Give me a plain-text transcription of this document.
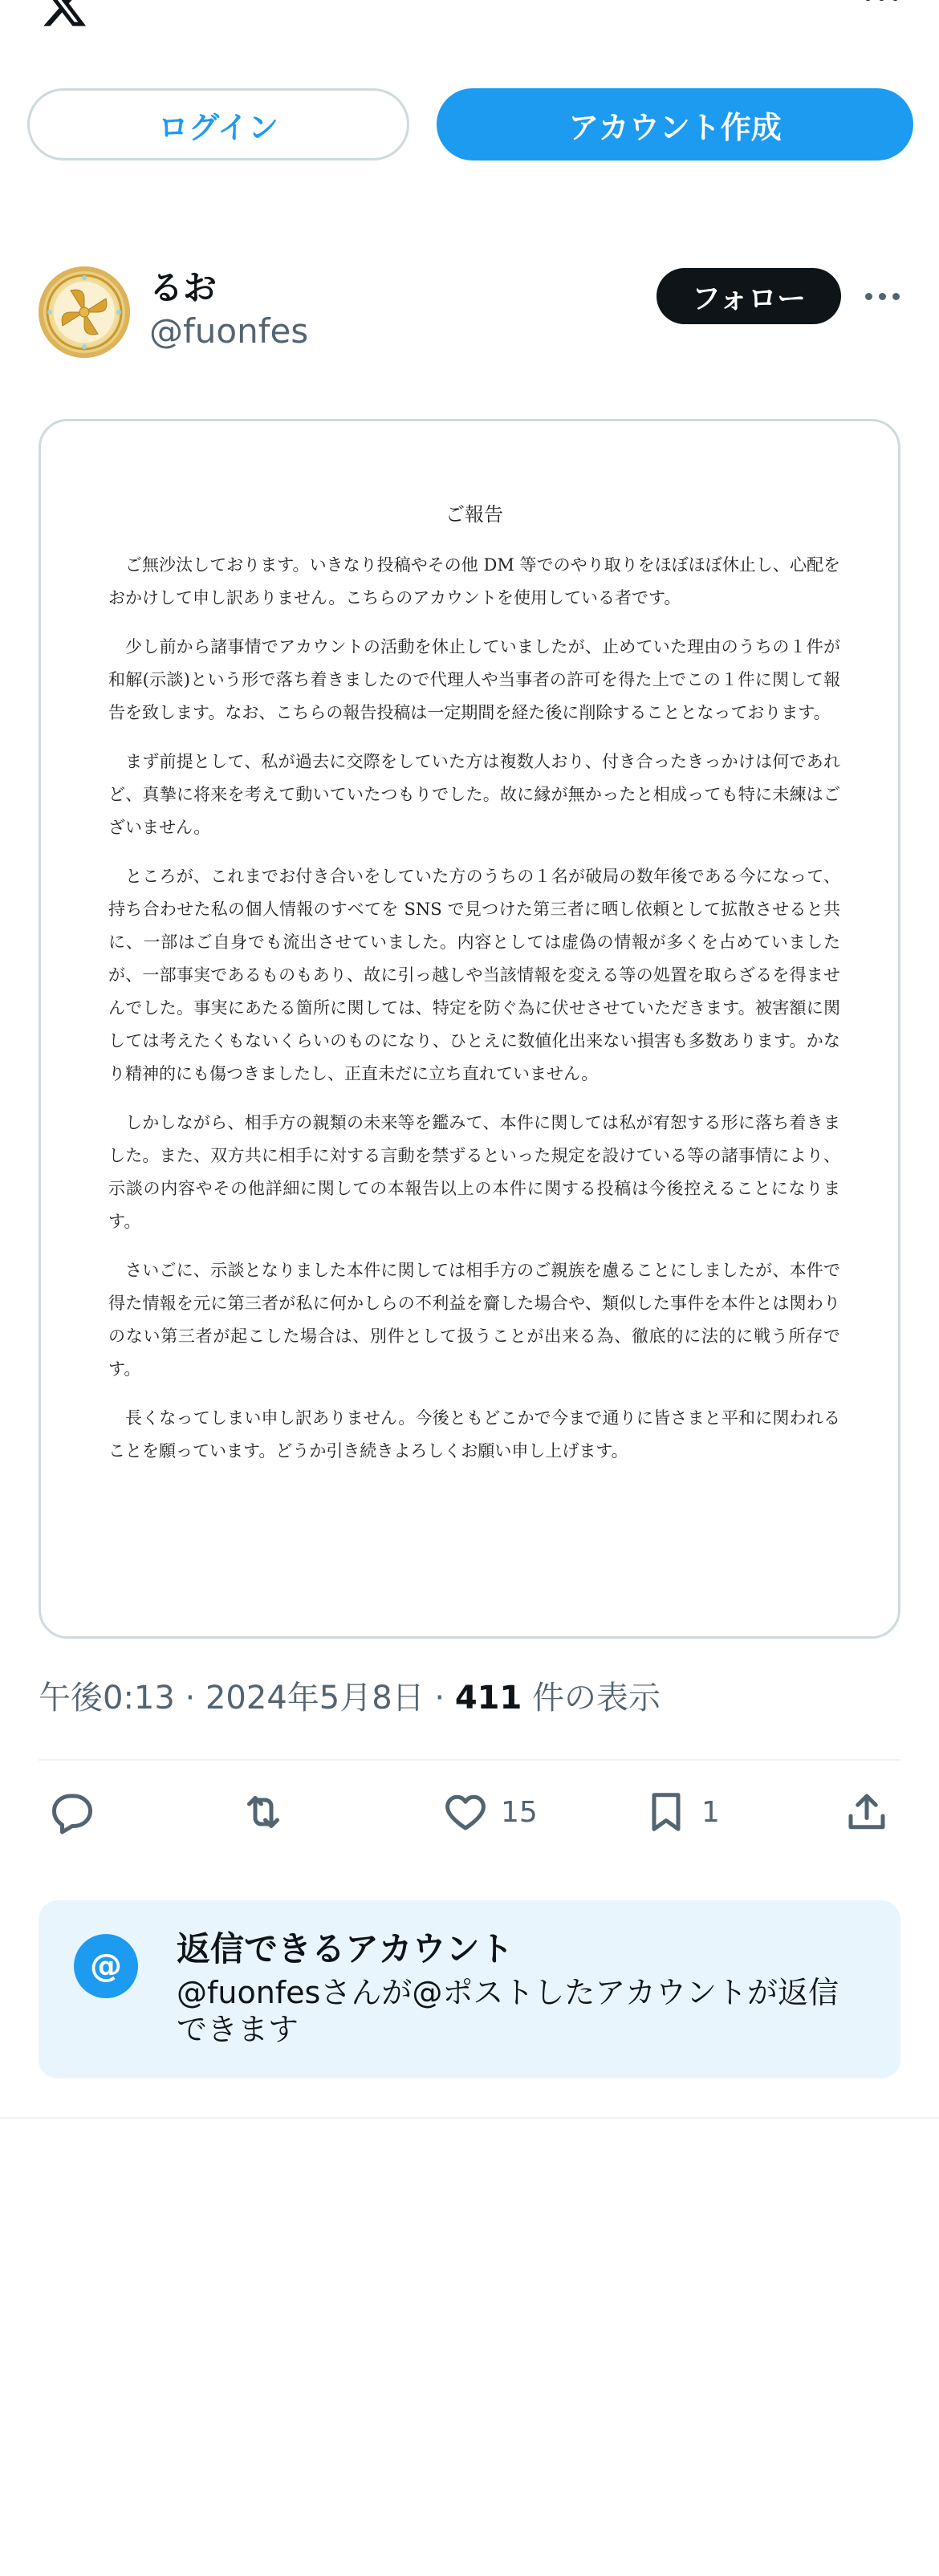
ログイン	アカウント作成
るお
@fuonfes
フォロー
ご報告

ご無沙汰しております。いきなり投稿やその他 DM 等でのやり取りをほぼほぼ休止し、心配をおかけして申し訳ありません。こちらのアカウントを使用している者です。

少し前から諸事情でアカウントの活動を休止していましたが、止めていた理由のうちの１件が和解(示談)という形で落ち着きましたので代理人や当事者の許可を得た上でこの１件に関して報告を致します。なお、こちらの報告投稿は一定期間を経た後に削除することとなっております。

まず前提として、私が過去に交際をしていた方は複数人おり、付き合ったきっかけは何であれど、真摯に将来を考えて動いていたつもりでした。故に縁が無かったと相成っても特に未練はございません。

ところが、これまでお付き合いをしていた方のうちの１名が破局の数年後である今になって、持ち合わせた私の個人情報のすべてを SNS で見つけた第三者に晒し依頼として拡散させると共に、一部はご自身でも流出させていました。内容としては虚偽の情報が多くを占めていましたが、一部事実であるものもあり、故に引っ越しや当該情報を変える等の処置を取らざるを得ませんでした。事実にあたる箇所に関しては、特定を防ぐ為に伏せさせていただきます。被害額に関しては考えたくもないくらいのものになり、ひとえに数値化出来ない損害も多数あります。かなり精神的にも傷つきましたし、正直未だに立ち直れていません。

しかしながら、相手方の親類の未来等を鑑みて、本件に関しては私が宥恕する形に落ち着きました。また、双方共に相手に対する言動を禁ずるといった規定を設けている等の諸事情により、示談の内容やその他詳細に関しての本報告以上の本件に関する投稿は今後控えることになります。

さいごに、示談となりました本件に関しては相手方のご親族を慮ることにしましたが、本件で得た情報を元に第三者が私に何かしらの不利益を齎した場合や、類似した事件を本件とは関わりのない第三者が起こした場合は、別件として扱うことが出来る為、徹底的に法的に戦う所存です。

長くなってしまい申し訳ありません。今後ともどこかで今まで通りに皆さまと平和に関われることを願っています。どうか引き続きよろしくお願い申し上げます。

午後0:13 · 2024年5月8日 · 411 件の表示
15	1
@	返信できるアカウント
@fuonfesさんが@ポストしたアカウントが返信できます
